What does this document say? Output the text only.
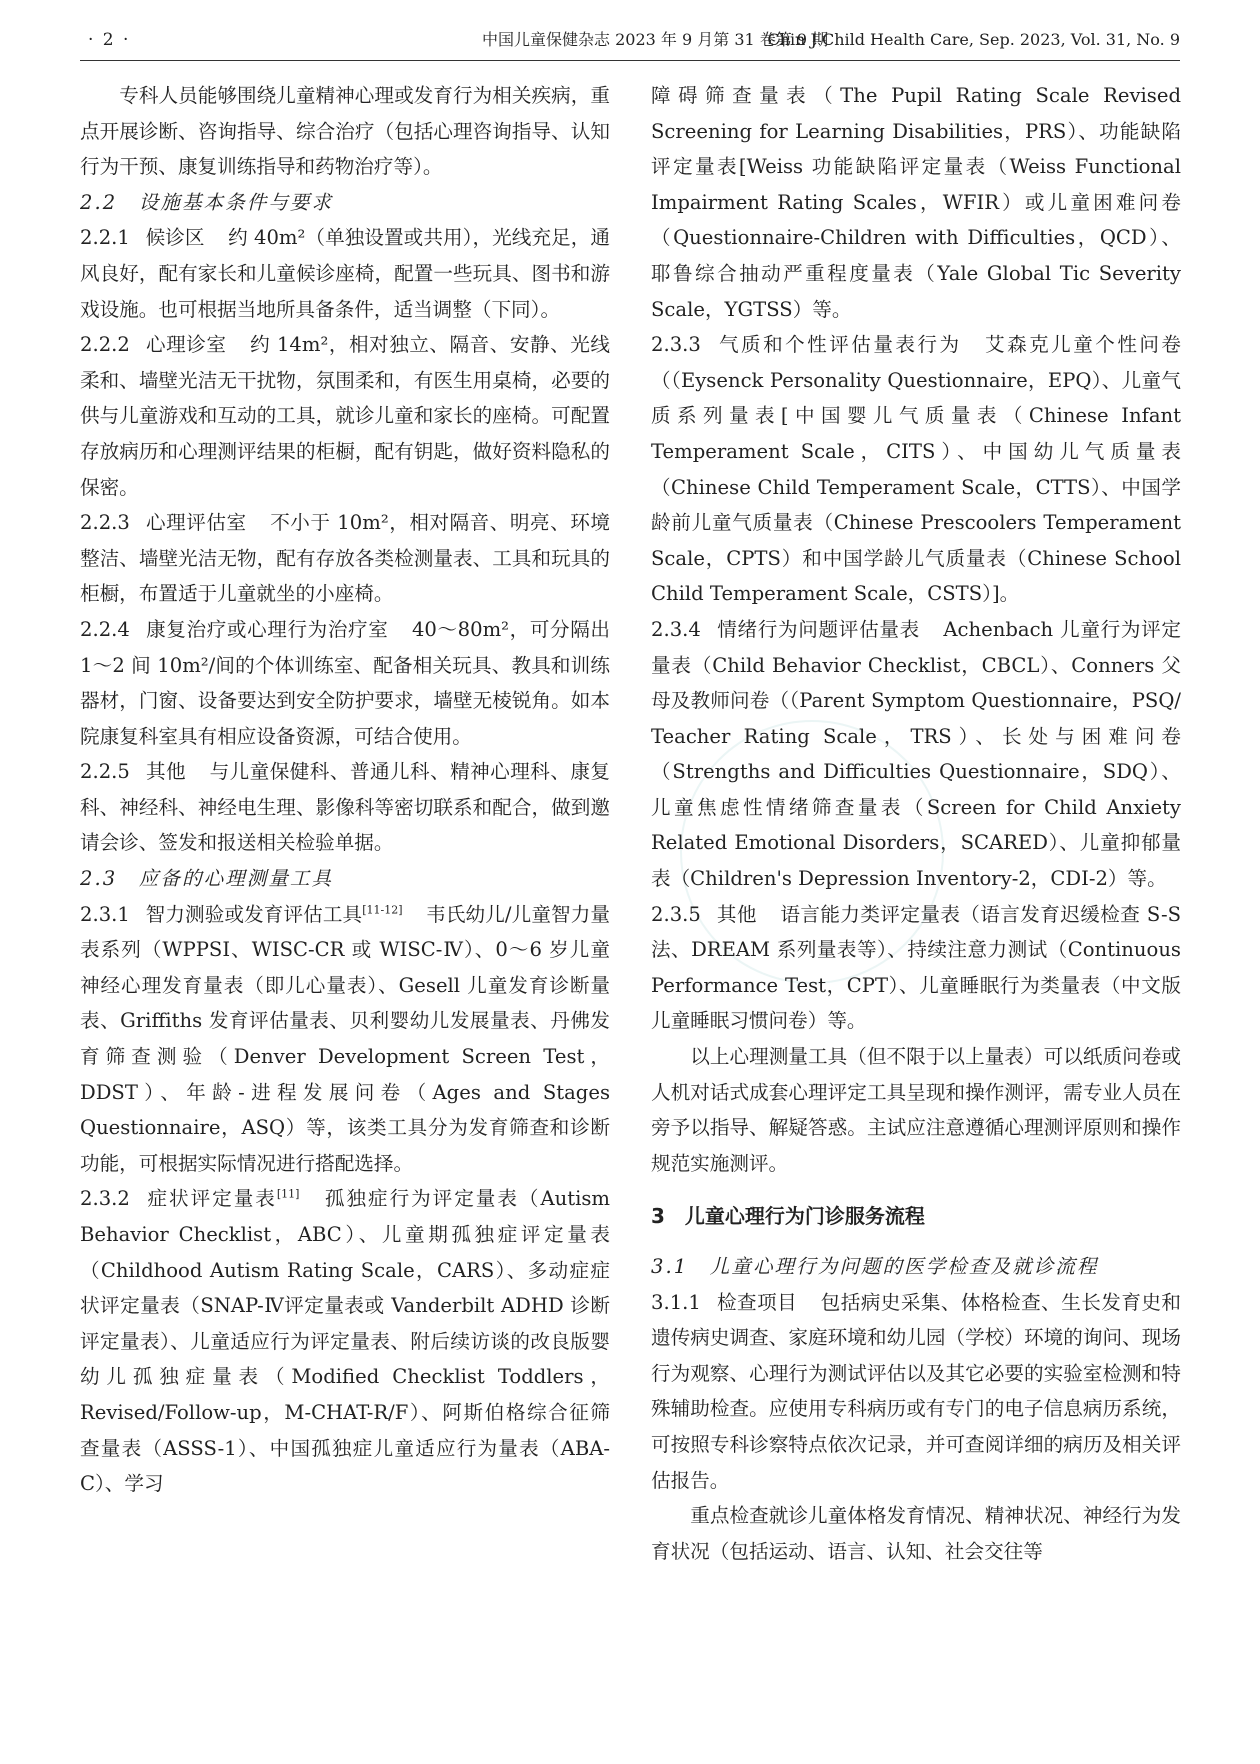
· 2 ·	中国儿童保健杂志 2023 年 9 月第 31 卷第 9 期
Chin J Child Health Care, Sep. 2023, Vol. 31, No. 9

专科人员能够围绕儿童精神心理或发育行为相关疾病，重点开展诊断、咨询指导、综合治疗（包括心理咨询指导、认知行为干预、康复训练指导和药物治疗等）。

2.2　设施基本条件与要求

2.2.1 候诊区 约 40m²（单独设置或共用），光线充足，通风良好，配有家长和儿童候诊座椅，配置一些玩具、图书和游戏设施。也可根据当地所具备条件，适当调整（下同）。

2.2.2 心理诊室 约 14m²，相对独立、隔音、安静、光线柔和、墙壁光洁无干扰物，氛围柔和，有医生用桌椅，必要的供与儿童游戏和互动的工具，就诊儿童和家长的座椅。可配置存放病历和心理测评结果的柜橱，配有钥匙，做好资料隐私的保密。

2.2.3 心理评估室 不小于 10m²，相对隔音、明亮、环境整洁、墙壁光洁无物，配有存放各类检测量表、工具和玩具的柜橱，布置适于儿童就坐的小座椅。

2.2.4 康复治疗或心理行为治疗室 40～80m²，可分隔出 1～2 间 10m²/间的个体训练室、配备相关玩具、教具和训练器材，门窗、设备要达到安全防护要求，墙壁无棱锐角。如本院康复科室具有相应设备资源，可结合使用。

2.2.5 其他 与儿童保健科、普通儿科、精神心理科、康复科、神经科、神经电生理、影像科等密切联系和配合，做到邀请会诊、签发和报送相关检验单据。

2.3　应备的心理测量工具

2.3.1 智力测验或发育评估工具[11-12] 韦氏幼儿/儿童智力量表系列（WPPSI、WISC-CR 或 WISC-Ⅳ）、0～6 岁儿童神经心理发育量表（即儿心量表）、Gesell 儿童发育诊断量表、Griffiths 发育评估量表、贝利婴幼儿发展量表、丹佛发育筛查测验（Denver Development Screen Test，DDST）、年龄-进程发展问卷（Ages and Stages Questionnaire，ASQ）等，该类工具分为发育筛查和诊断功能，可根据实际情况进行搭配选择。

2.3.2 症状评定量表[11] 孤独症行为评定量表（Autism Behavior Checklist，ABC）、儿童期孤独症评定量表（Childhood Autism Rating Scale，CARS）、多动症症状评定量表（SNAP-Ⅳ评定量表或 Vanderbilt ADHD 诊断评定量表）、儿童适应行为评定量表、附后续访谈的改良版婴幼儿孤独症量表（Modified Checklist Toddlers，Revised/Follow-up，M-CHAT-R/F）、阿斯伯格综合征筛查量表（ASSS-1）、中国孤独症儿童适应行为量表（ABA-C）、学习

障碍筛查量表（The Pupil Rating Scale Revised Screening for Learning Disabilities，PRS）、功能缺陷评定量表[Weiss 功能缺陷评定量表（Weiss Functional Impairment Rating Scales，WFIR）或儿童困难问卷（Questionnaire-Children with Difficulties，QCD）、耶鲁综合抽动严重程度量表（Yale Global Tic Severity Scale，YGTSS）等。

2.3.3 气质和个性评估量表行为 艾森克儿童个性问卷（（Eysenck Personality Questionnaire，EPQ）、儿童气质系列量表[中国婴儿气质量表（Chinese Infant Temperament Scale，CITS）、中国幼儿气质量表（Chinese Child Temperament Scale，CTTS）、中国学龄前儿童气质量表（Chinese Prescoolers Temperament Scale，CPTS）和中国学龄儿气质量表（Chinese School Child Temperament Scale，CSTS）]。

2.3.4 情绪行为问题评估量表 Achenbach 儿童行为评定量表（Child Behavior Checklist，CBCL）、Conners 父母及教师问卷（（Parent Symptom Questionnaire，PSQ/ Teacher Rating Scale，TRS）、长处与困难问卷（Strengths and Difficulties Questionnaire，SDQ）、儿童焦虑性情绪筛查量表（Screen for Child Anxiety Related Emotional Disorders，SCARED）、儿童抑郁量表（Children's Depression Inventory-2，CDI-2）等。

2.3.5 其他 语言能力类评定量表（语言发育迟缓检查 S-S 法、DREAM 系列量表等）、持续注意力测试（Continuous Performance Test，CPT）、儿童睡眠行为类量表（中文版儿童睡眠习惯问卷）等。

以上心理测量工具（但不限于以上量表）可以纸质问卷或人机对话式成套心理评定工具呈现和操作测评，需专业人员在旁予以指导、解疑答惑。主试应注意遵循心理测评原则和操作规范实施测评。

3　儿童心理行为门诊服务流程

3.1　儿童心理行为问题的医学检查及就诊流程

3.1.1 检查项目 包括病史采集、体格检查、生长发育史和遗传病史调查、家庭环境和幼儿园（学校）环境的询问、现场行为观察、心理行为测试评估以及其它必要的实验室检测和特殊辅助检查。应使用专科病历或有专门的电子信息病历系统，可按照专科诊察特点依次记录，并可查阅详细的病历及相关评估报告。

重点检查就诊儿童体格发育情况、精神状况、神经行为发育状况（包括运动、语言、认知、社会交往等
